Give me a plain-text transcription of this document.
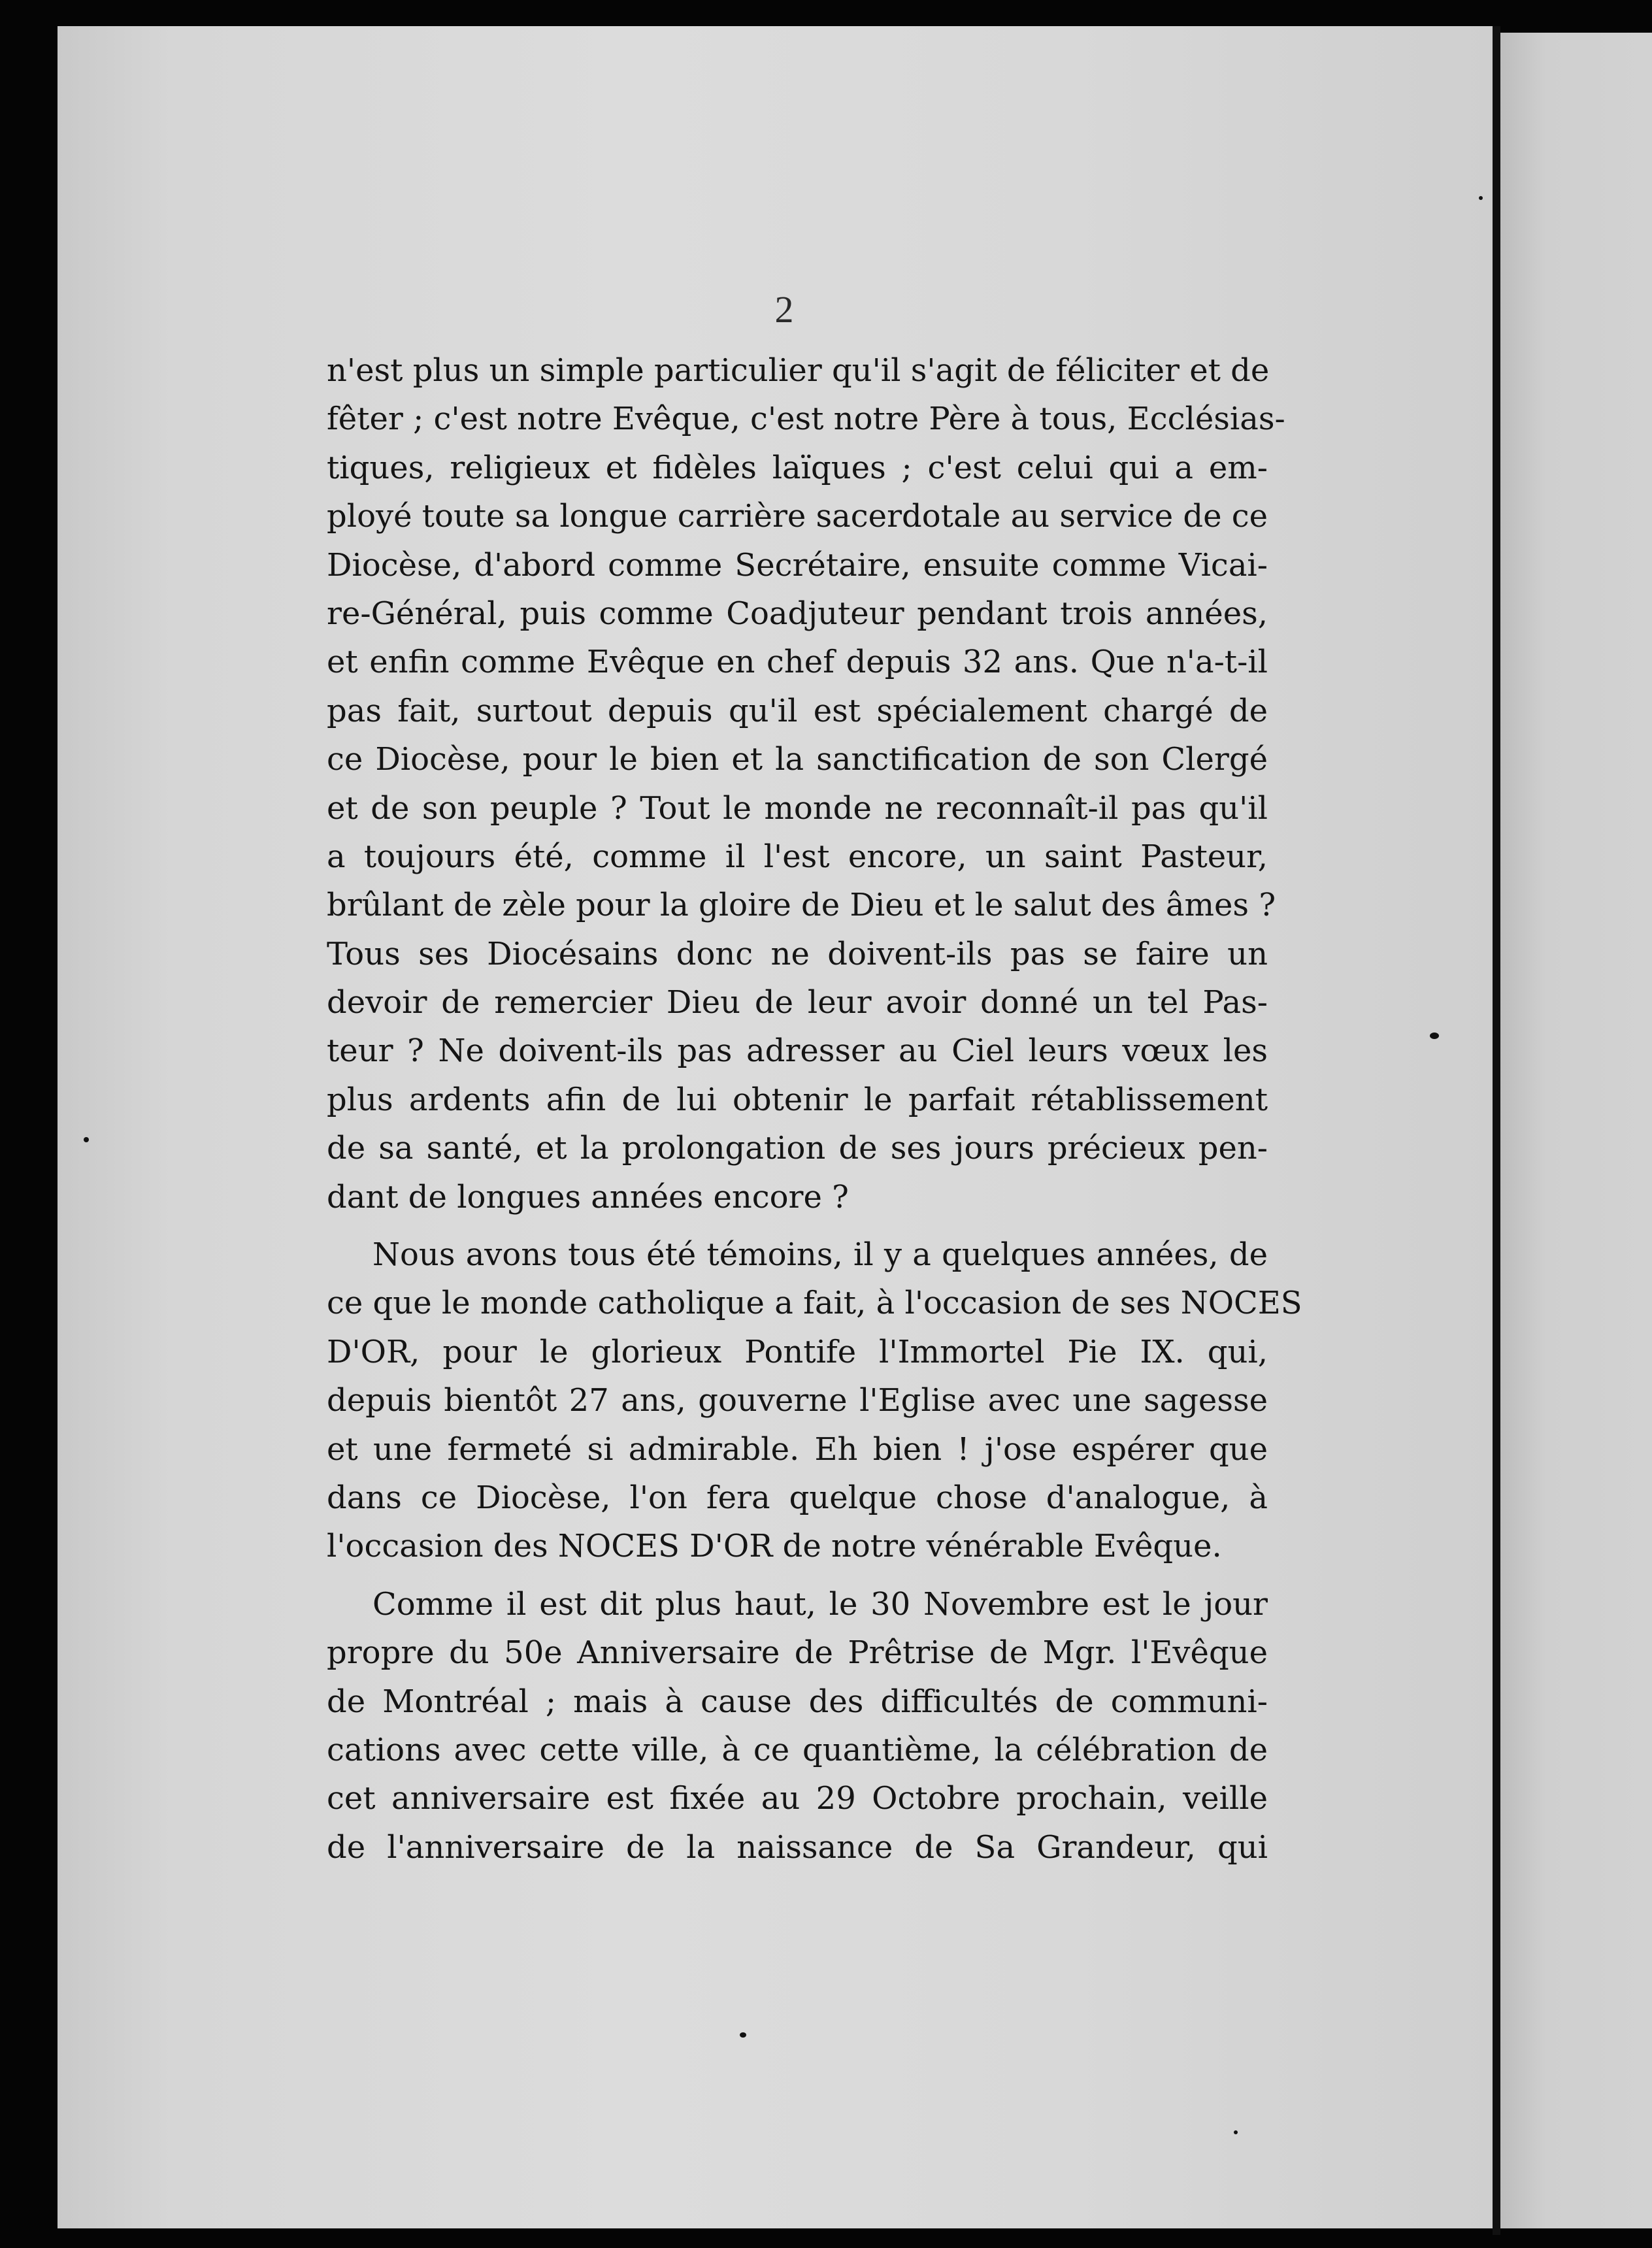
2
n'est plus un simple particulier qu'il s'agit de féliciter et de
fêter ; c'est notre Evêque, c'est notre Père à tous, Ecclésias-
tiques, religieux et fidèles laïques ; c'est celui qui a em-
ployé toute sa longue carrière sacerdotale au service de ce
Diocèse, d'abord comme Secrétaire, ensuite comme Vicai-
re-Général, puis comme Coadjuteur pendant trois années,
et enfin comme Evêque en chef depuis 32 ans. Que n'a-t-il
pas fait, surtout depuis qu'il est spécialement chargé de
ce Diocèse, pour le bien et la sanctification de son Clergé
et de son peuple ? Tout le monde ne reconnaît-il pas qu'il
a toujours été, comme il l'est encore, un saint Pasteur,
brûlant de zèle pour la gloire de Dieu et le salut des âmes ?
Tous ses Diocésains donc ne doivent-ils pas se faire un
devoir de remercier Dieu de leur avoir donné un tel Pas-
teur ? Ne doivent-ils pas adresser au Ciel leurs vœux les
plus ardents afin de lui obtenir le parfait rétablissement
de sa santé, et la prolongation de ses jours précieux pen-
dant de longues années encore ?
Nous avons tous été témoins, il y a quelques années, de
ce que le monde catholique a fait, à l'occasion de ses NOCES
D'OR, pour le glorieux Pontife l'Immortel Pie IX. qui,
depuis bientôt 27 ans, gouverne l'Eglise avec une sagesse
et une fermeté si admirable. Eh bien ! j'ose espérer que
dans ce Diocèse, l'on fera quelque chose d'analogue, à
l'occasion des NOCES D'OR de notre vénérable Evêque.
Comme il est dit plus haut, le 30 Novembre est le jour
propre du 50e Anniversaire de Prêtrise de Mgr. l'Evêque
de Montréal ; mais à cause des difficultés de communi-
cations avec cette ville, à ce quantième, la célébration de
cet anniversaire est fixée au 29 Octobre prochain, veille
de l'anniversaire de la naissance de Sa Grandeur, qui
